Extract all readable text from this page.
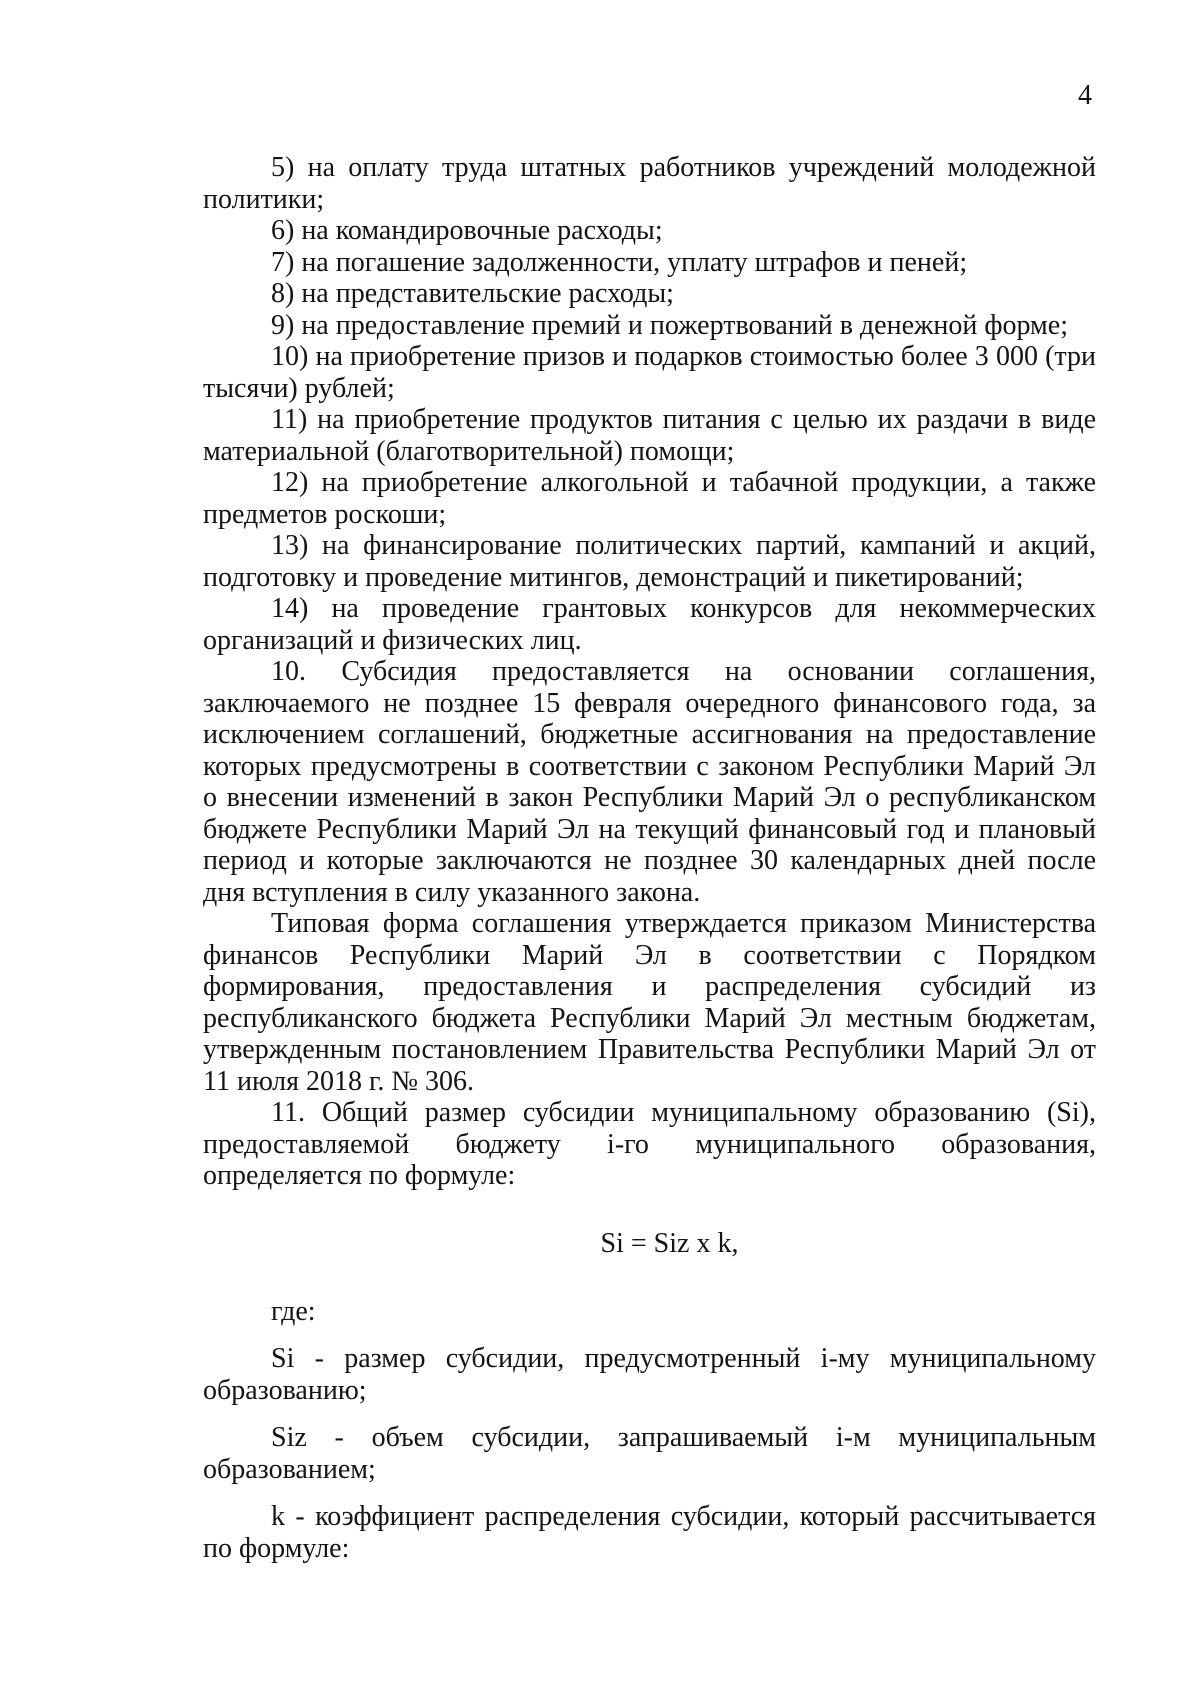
4

5) на оплату труда штатных работников учреждений молодежной политики;

6) на командировочные расходы;

7) на погашение задолженности, уплату штрафов и пеней;

8) на представительские расходы;

9) на предоставление премий и пожертвований в денежной форме;

10) на приобретение призов и подарков стоимостью более 3 000 (три тысячи) рублей;

11) на приобретение продуктов питания с целью их раздачи в виде материальной (благотворительной) помощи;

12) на приобретение алкогольной и табачной продукции, а также предметов роскоши;

13) на финансирование политических партий, кампаний и акций, подготовку и проведение митингов, демонстраций и пикетирований;

14) на проведение грантовых конкурсов для некоммерческих организаций и физических лиц.

10. Субсидия предоставляется на основании соглашения, заключаемого не позднее 15 февраля очередного финансового года, за исключением соглашений, бюджетные ассигнования на предоставление которых предусмотрены в соответствии с законом Республики Марий Эл о внесении изменений в закон Республики Марий Эл о республиканском бюджете Республики Марий Эл на текущий финансовый год и плановый период и которые заключаются не позднее 30 календарных дней после дня вступления в силу указанного закона.

Типовая форма соглашения утверждается приказом Министерства финансов Республики Марий Эл в соответствии с Порядком формирования, предоставления и распределения субсидий из республиканского бюджета Республики Марий Эл местным бюджетам, утвержденным постановлением Правительства Республики Марий Эл от 11 июля 2018 г. № 306.

11. Общий размер субсидии муниципальному образованию (Si), предоставляемой бюджету i-го муниципального образования, определяется по формуле:

Si = Siz x k,

где:

Si - размер субсидии, предусмотренный i-му муниципальному образованию;

Siz - объем субсидии, запрашиваемый i-м муниципальным образованием;

k - коэффициент распределения субсидии, который рассчитывается по формуле:
